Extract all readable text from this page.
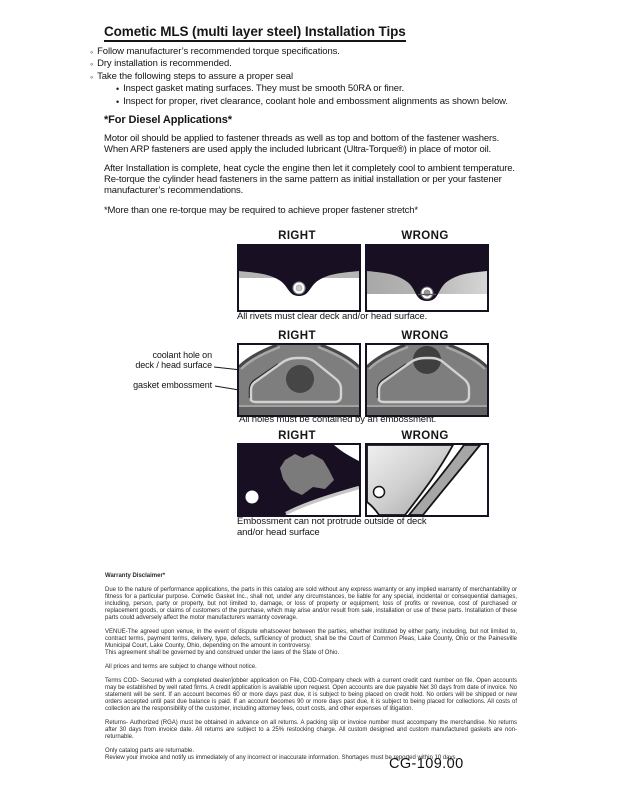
Cometic MLS (multi layer steel) Installation Tips
◦ Follow manufacturer’s recommended torque specifications.
◦ Dry installation is recommended.
◦ Take the following steps to assure a proper seal
• Inspect gasket mating surfaces. They must be smooth 50RA or finer.
• Inspect for proper, rivet clearance, coolant hole and embossment alignments as shown below.
*For Diesel Applications*
Motor oil should be applied to fastener threads as well as top and bottom of the fastener washers. When ARP fasteners are used apply the included lubricant (Ultra-Torque®) in place of motor oil.
After Installation is complete, heat cycle the engine then let it completely cool to ambient temperature. Re-torque the cylinder head fasteners in the same pattern as initial installation or per your fastener manufacturer’s recommendations.
*More than one re-torque may be required to achieve proper fastener stretch*
RIGHT	WRONG
All rivets must clear deck and/or head surface.
RIGHT	WRONG
coolant hole on
deck / head surface
gasket embossment
All holes must be contained by an embossment.
RIGHT	WRONG
Embossment can not protrude outside of deck
and/or head surface

Warranty Disclaimer*

Due to the nature of performance applications, the parts in this catalog are sold without any express warranty or any implied warranty of merchantability or fitness for a particular purpose. Cometic Gasket Inc., shall not, under any circumstances, be liable for any special, incidental or consequential damages, including, person, party or property, but not limited to, damage, or loss of property or equipment, loss of profits or revenue, cost of purchased or replacement goods, or claims of customers of the purchase, which may arise and/or result from sale, installation or use of these parts. Installation of these parts could adversely affect the motor manufacturers warranty coverage.

VENUE-The agreed upon venue, in the event of dispute whatsoever between the parties, whether instituted by either party, including, but not limited to, contract terms, payment terms, delivery, type, defects, sufficiency of product, shall be the Court of Common Pleas, Lake County, Ohio or the Painesville Municipal Court, Lake County, Ohio, depending on the amount in controversy.

This agreement shall be governed by and construed under the laws of the State of Ohio.

All prices and terms are subject to change without notice.

Terms COD- Secured with a completed dealer/jobber application on File, COD-Company check with a current credit card number on file. Open accounts may be established by well rated firms. A credit application is available upon request. Open accounts are due payable Net 30 days from date of invoice. No statement will be sent. If an account becomes 60 or more days past due, it is subject to being placed on credit hold. No orders will be shipped or new orders accepted until past due balance is paid. If an account becomes 90 or more days past due, it is subject to being placed for collections. All costs of collection are the responsibility of the customer, including attorney fees, court costs, and other expenses of litigation.

Returns- Authorized (RGA) must be obtained in advance on all returns. A packing slip or invoice number must accompany the merchandise. No returns after 30 days from invoice date. All returns are subject to a 25% restocking charge. All custom designed and custom manufactured gaskets are non-returnable.

Only catalog parts are returnable.

Review your invoice and notify us immediately of any incorrect or inaccurate information. Shortages must be reported within 10 days.

CG-109.00
